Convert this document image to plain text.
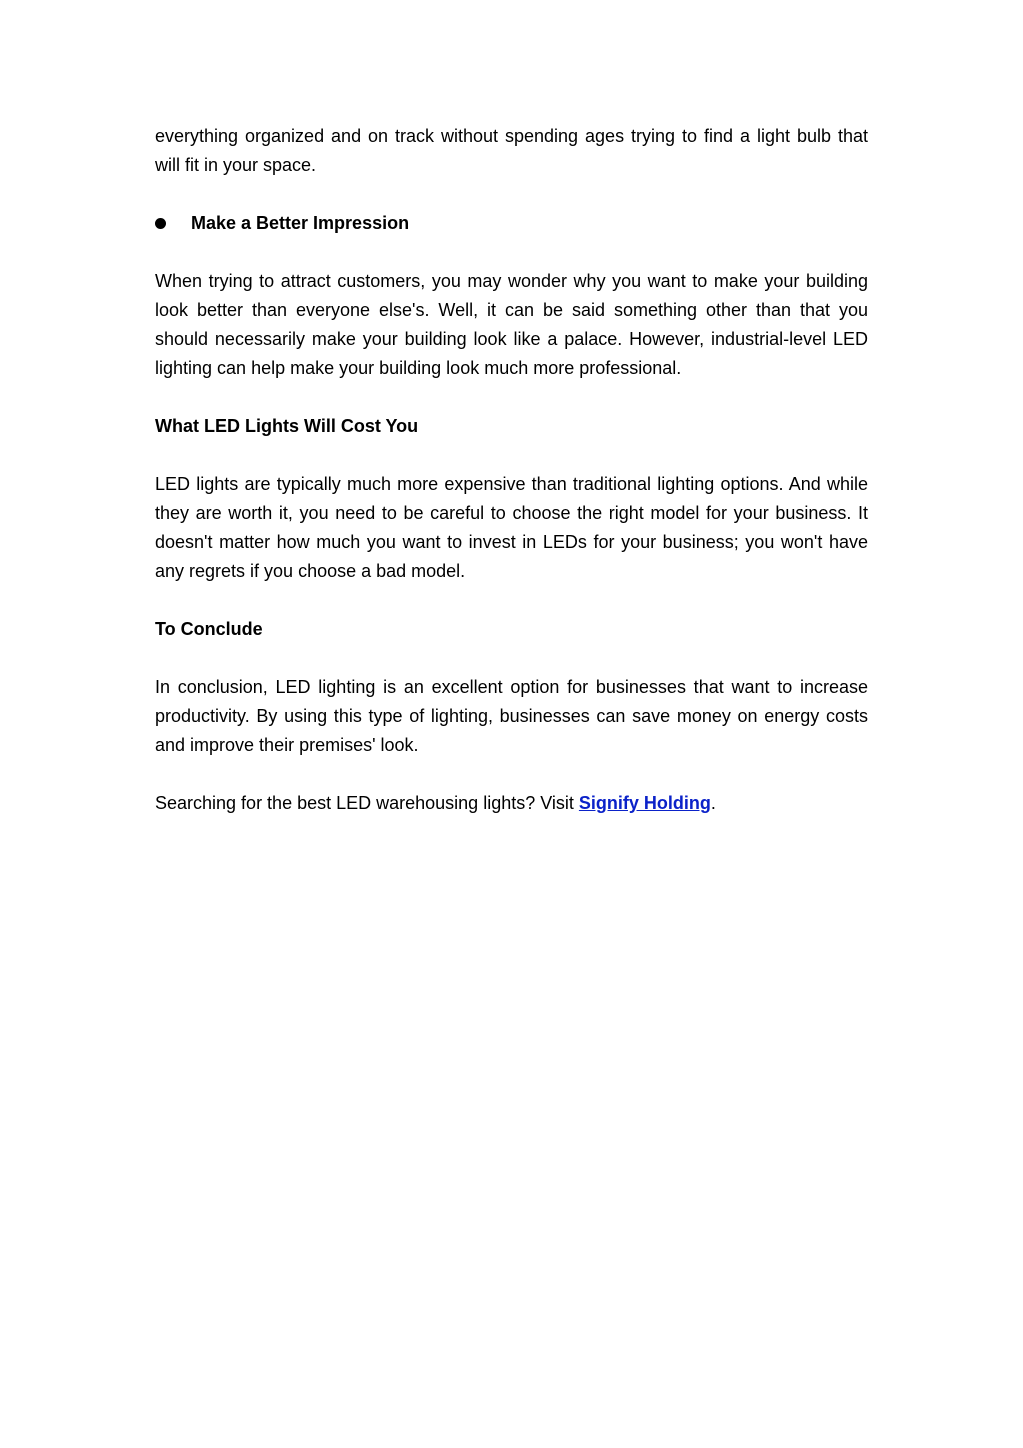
everything organized and on track without spending ages trying to find a light bulb that will fit in your space.

Make a Better Impression

When trying to attract customers, you may wonder why you want to make your building look better than everyone else's. Well, it can be said something other than that you should necessarily make your building look like a palace. However, industrial-level LED lighting can help make your building look much more professional.

What LED Lights Will Cost You

LED lights are typically much more expensive than traditional lighting options. And while they are worth it, you need to be careful to choose the right model for your business. It doesn't matter how much you want to invest in LEDs for your business; you won't have any regrets if you choose a bad model.

To Conclude

In conclusion, LED lighting is an excellent option for businesses that want to increase productivity. By using this type of lighting, businesses can save money on energy costs and improve their premises' look.

Searching for the best LED warehousing lights? Visit Signify Holding.
